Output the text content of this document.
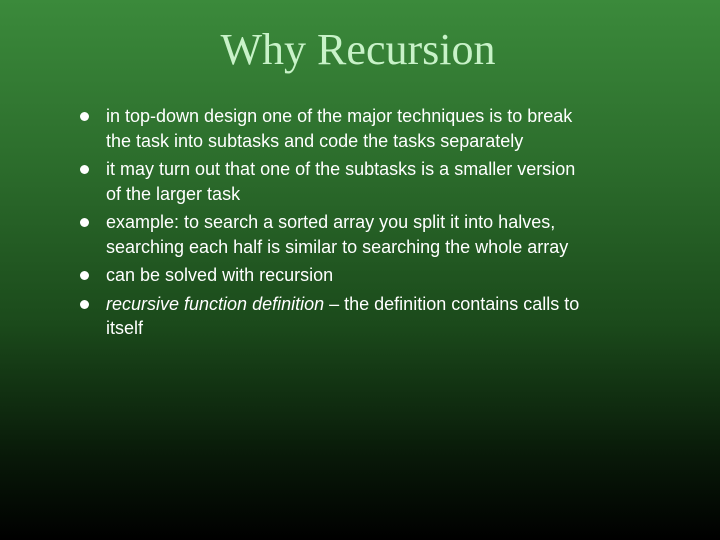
Why Recursion
in top-down design one of the major techniques is to break the task into subtasks and code the tasks separately
it may turn out that one of the subtasks is a smaller version of the larger task
example: to search a sorted array you split it into halves, searching each half is similar to searching the whole array
can be solved with recursion
recursive function definition – the definition contains calls to itself
